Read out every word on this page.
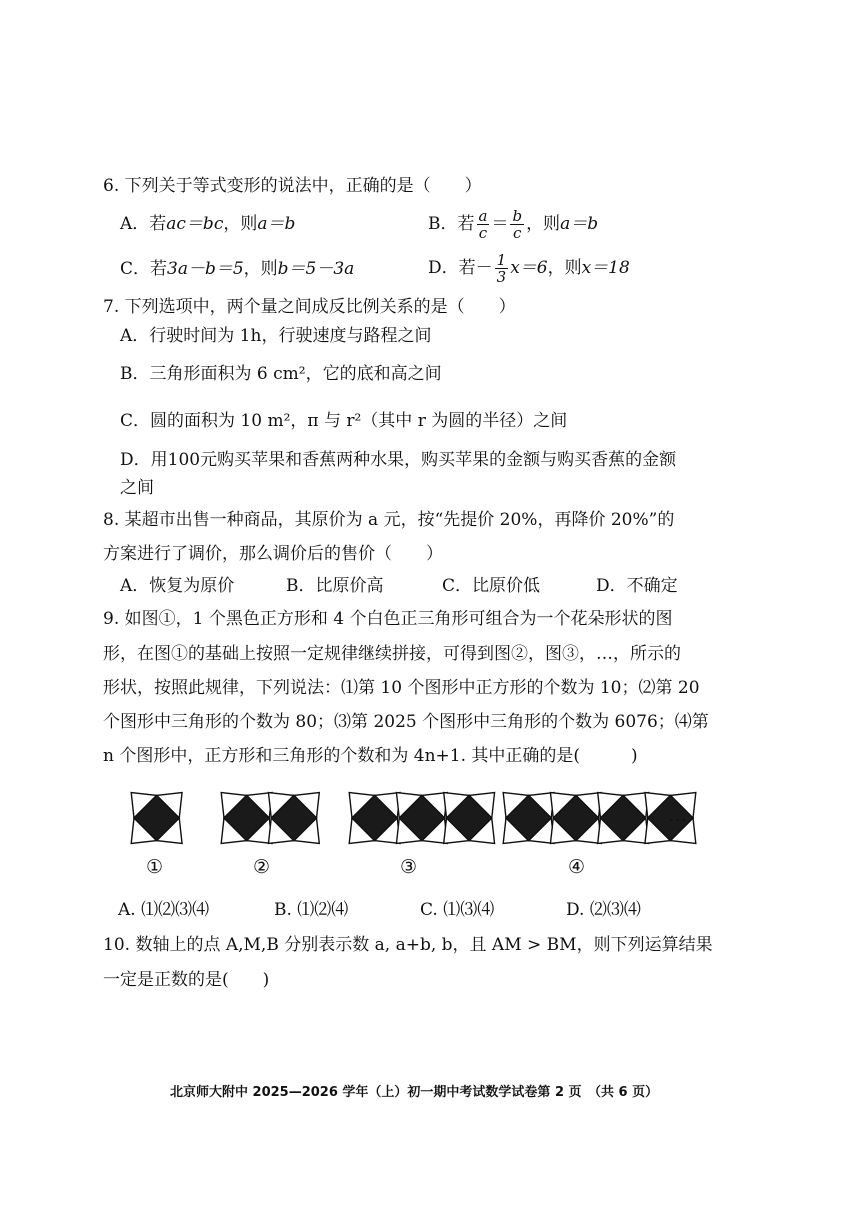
6. 下列关于等式变形的说法中，正确的是（　　）
A．若ac＝bc，则a＝b	B．若 $\frac{a}{c} = \frac{b}{c}$ ，则a＝b
C．若3a－b＝5，则b＝5－3a	D．若－ $\frac{1}{3} x=6$，则x＝18
7. 下列选项中，两个量之间成反比例关系的是（　　）
A．行驶时间为 1h，行驶速度与路程之间
B．三角形面积为 6 cm²，它的底和高之间
C．圆的面积为 10 m²，π 与 r²（其中 r 为圆的半径）之间
D．用100元购买苹果和香蕉两种水果，购买苹果的金额与购买香蕉的金额
之间
8. 某超市出售一种商品，其原价为 a 元，按“先提价 20%，再降价 20%”的
方案进行了调价，那么调价后的售价（　　）
A．恢复为原价	B．比原价高	C．比原价低	D．不确定
9. 如图①，1 个黑色正方形和 4 个白色正三角形可组合为一个花朵形状的图
形，在图①的基础上按照一定规律继续拼接，可得到图②，图③，…，所示的
形状，按照此规律，下列说法：⑴第 10 个图形中正方形的个数为 10；⑵第 20
个图形中三角形的个数为 80；⑶第 2025 个图形中三角形的个数为 6076；⑷第
n 个图形中，正方形和三角形的个数和为 4n+1. 其中正确的是(　　　)
①	②	③	④
…
A. ⑴⑵⑶⑷	B. ⑴⑵⑷	C. ⑴⑶⑷	D. ⑵⑶⑷
10. 数轴上的点 A,M,B 分别表示数 a, a+b, b，且 AM > BM，则下列运算结果
一定是正数的是(　　)
北京师大附中 2025—2026 学年（上）初一期中考试数学试卷第 2 页　（共 6 页）
